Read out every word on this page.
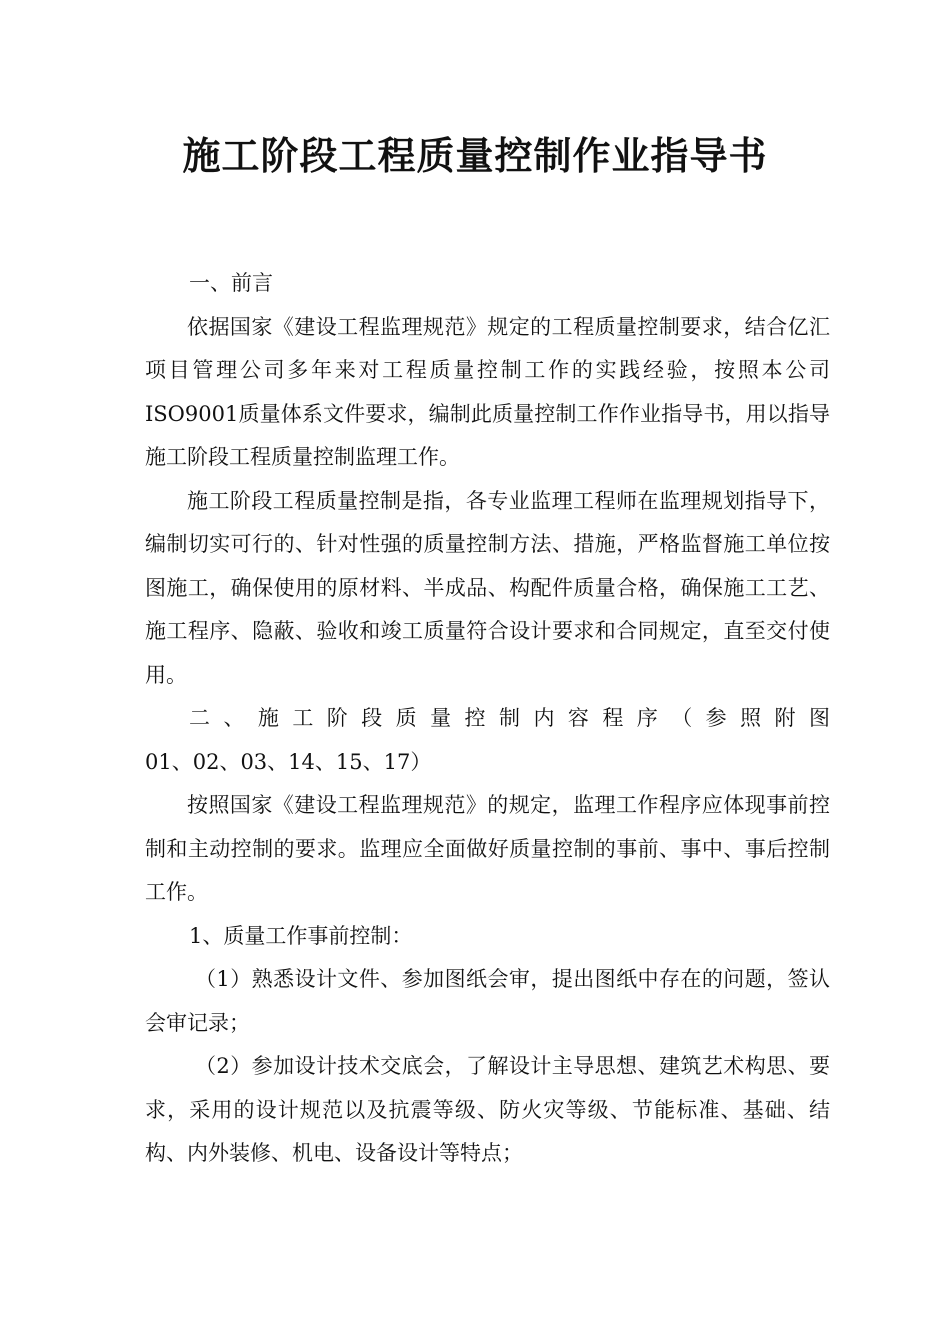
施工阶段工程质量控制作业指导书

一、前言

依据国家《建设工程监理规范》规定的工程质量控制要求，结合亿汇项目管理公司多年来对工程质量控制工作的实践经验，按照本公司ISO9001质量体系文件要求，编制此质量控制工作作业指导书，用以指导施工阶段工程质量控制监理工作。

施工阶段工程质量控制是指，各专业监理工程师在监理规划指导下，编制切实可行的、针对性强的质量控制方法、措施，严格监督施工单位按图施工，确保使用的原材料、半成品、构配件质量合格，确保施工工艺、施工程序、隐蔽、验收和竣工质量符合设计要求和合同规定，直至交付使用。

二、施工阶段质量控制内容程序（参照附图
01、02、03、14、15、17）

按照国家《建设工程监理规范》的规定，监理工作程序应体现事前控制和主动控制的要求。监理应全面做好质量控制的事前、事中、事后控制工作。

1、质量工作事前控制：

（1）熟悉设计文件、参加图纸会审，提出图纸中存在的问题，签认会审记录；

（2）参加设计技术交底会，了解设计主导思想、建筑艺术构思、要求，采用的设计规范以及抗震等级、防火灾等级、节能标准、基础、结构、内外装修、机电、设备设计等特点；
